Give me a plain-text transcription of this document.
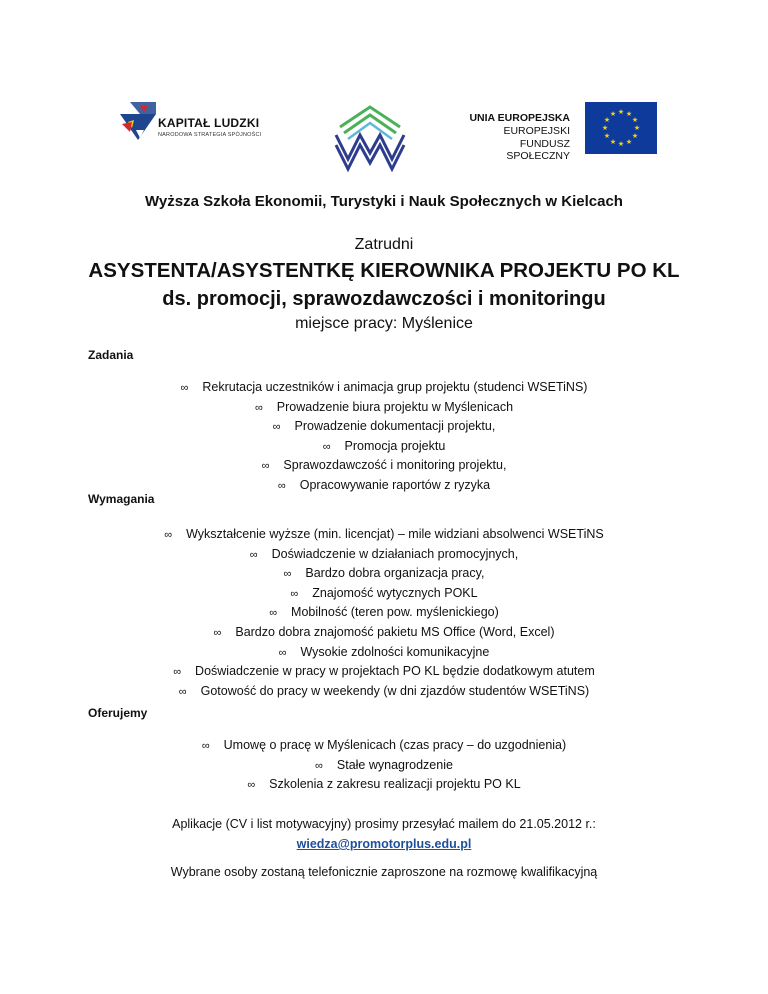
KAPITAŁ LUDZKI
NARODOWA STRATEGIA SPÓJNOŚCI
UNIA EUROPEJSKA
EUROPEJSKI
FUNDUSZ SPOŁECZNY
★ ★
★
★
★
★
★
★
★
★
★
★
Wyższa Szkoła Ekonomii, Turystyki i Nauk Społecznych w Kielcach
Zatrudni
ASYSTENTA/ASYSTENTKĘ KIEROWNIKA PROJEKTU PO KL
ds. promocji, sprawozdawczości i monitoringu
miejsce pracy: Myślenice
Zadania
∞ Rekrutacja uczestników i animacja grup projektu (studenci WSETiNS)
∞ Prowadzenie biura projektu w Myślenicach
∞ Prowadzenie dokumentacji projektu,
∞ Promocja projektu
∞ Sprawozdawczość i monitoring projektu,
∞ Opracowywanie raportów z ryzyka
Wymagania
∞ Wykształcenie wyższe (min. licencjat) – mile widziani absolwenci WSETiNS
∞ Doświadczenie w działaniach promocyjnych,
∞ Bardzo dobra organizacja pracy,
∞ Znajomość wytycznych POKL
∞ Mobilność (teren pow. myślenickiego)
∞ Bardzo dobra znajomość pakietu MS Office (Word, Excel)
∞ Wysokie zdolności komunikacyjne
∞ Doświadczenie w pracy w projektach PO KL będzie dodatkowym atutem
∞ Gotowość do pracy w weekendy (w dni zjazdów studentów WSETiNS)
Oferujemy
∞ Umowę o pracę w Myślenicach (czas pracy – do uzgodnienia)
∞ Stałe wynagrodzenie
∞ Szkolenia z zakresu realizacji projektu PO KL
Aplikacje (CV i list motywacyjny) prosimy przesyłać mailem do 21.05.2012 r.:
wiedza@promotorplus.edu.pl
Wybrane osoby zostaną telefonicznie zaproszone na rozmowę kwalifikacyjną
